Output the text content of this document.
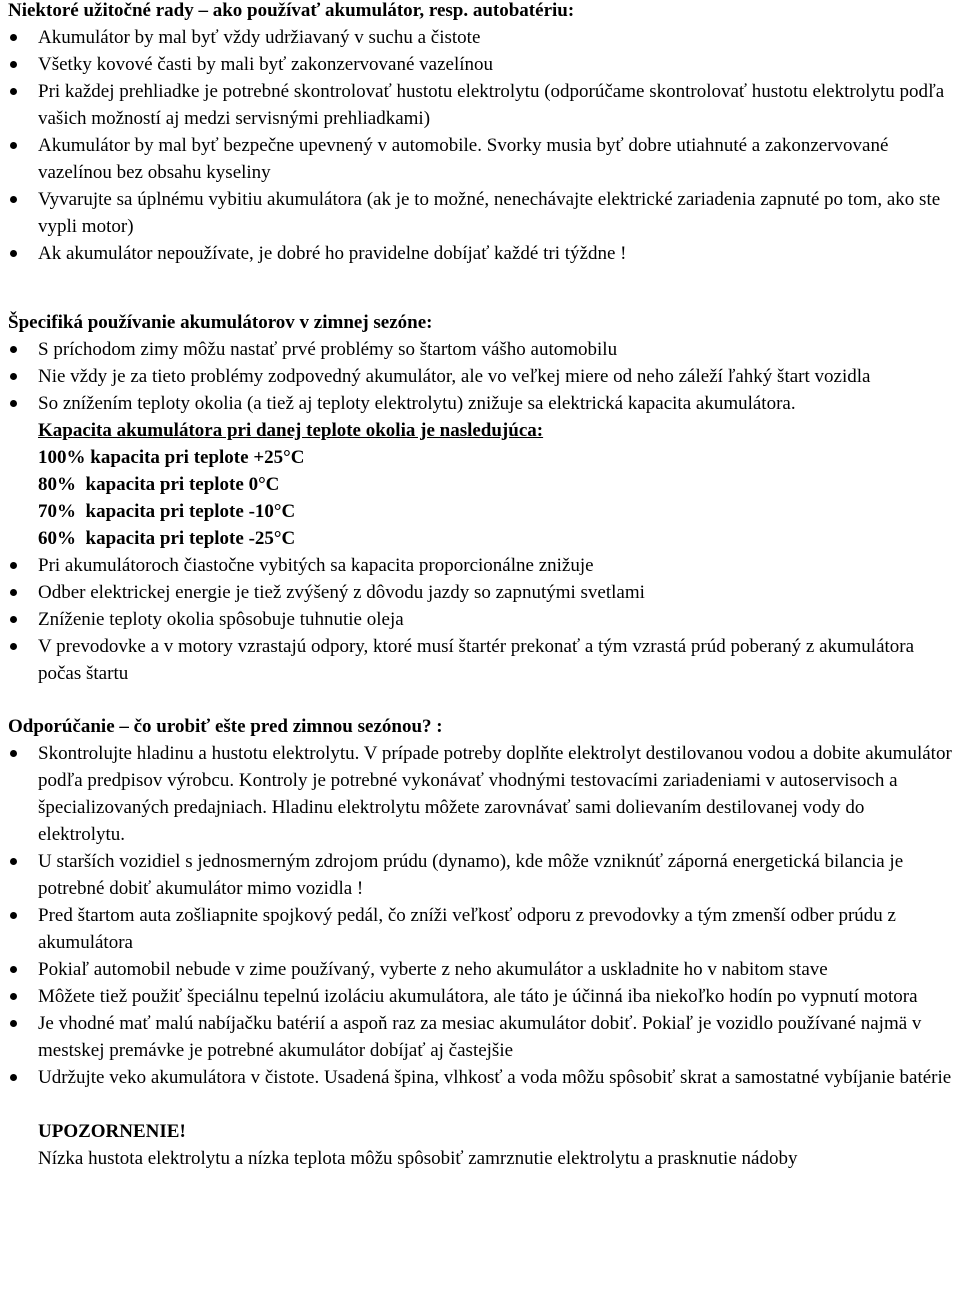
Niektoré užitočné rady – ako používať akumulátor, resp. autobatériu:

Akumulátor by mal byť vždy udržiavaný v suchu a čistote
Všetky kovové časti by mali byť zakonzervované vazelínou
Pri každej prehliadke je potrebné skontrolovať hustotu elektrolytu (odporúčame skontrolovať hustotu elektrolytu podľa vašich možností aj medzi servisnými prehliadkami)
Akumulátor by mal byť bezpečne upevnený v automobile. Svorky musia byť dobre utiahnuté a zakonzervované vazelínou bez obsahu kyseliny
Vyvarujte sa úplnému vybitiu akumulátora (ak je to možné, nenechávajte elektrické zariadenia zapnuté po tom, ako ste vypli motor)
Ak akumulátor nepoužívate, je dobré ho pravidelne dobíjať každé tri týždne !

Špecifiká používanie akumulátorov v zimnej sezóne:

S príchodom zimy môžu nastať prvé problémy so štartom vášho automobilu
Nie vždy je za tieto problémy zodpovedný akumulátor, ale vo veľkej miere od neho záleží ľahký štart vozidla
So znížením teploty okolia (a tiež aj teploty elektrolytu) znižuje sa elektrická kapacita akumulátora.
Kapacita akumulátora pri danej teplote okolia je nasledujúca:
100% kapacita pri teplote +25°C
80%  kapacita pri teplote 0°C
70%  kapacita pri teplote -10°C
60%  kapacita pri teplote -25°C
Pri akumulátoroch čiastočne vybitých sa kapacita proporcionálne znižuje
Odber elektrickej energie je tiež zvýšený z dôvodu jazdy so zapnutými svetlami
Zníženie teploty okolia spôsobuje tuhnutie oleja
V prevodovke a v motory vzrastajú odpory, ktoré musí štartér prekonať a tým vzrastá prúd poberaný z akumulátora počas štartu

Odporúčanie – čo urobiť ešte pred zimnou sezónou? :

Skontrolujte hladinu a hustotu elektrolytu. V prípade potreby doplňte elektrolyt destilovanou vodou a dobite akumulátor podľa predpisov výrobcu. Kontroly je potrebné vykonávať vhodnými testovacími zariadeniami v autoservisoch a špecializovaných predajniach. Hladinu elektrolytu môžete zarovnávať sami dolievaním destilovanej vody do elektrolytu.
U starších vozidiel s jednosmerným zdrojom prúdu (dynamo), kde môže vzniknúť záporná energetická bilancia je potrebné dobiť akumulátor mimo vozidla !
Pred štartom auta zošliapnite spojkový pedál, čo zníži veľkosť odporu z prevodovky a tým zmenší odber prúdu z akumulátora
Pokiaľ automobil nebude v zime používaný, vyberte z neho akumulátor a uskladnite ho v nabitom stave
Môžete tiež použiť špeciálnu tepelnú izoláciu akumulátora, ale táto je účinná iba niekoľko hodín po vypnutí motora
Je vhodné mať malú nabíjačku batérií a aspoň raz za mesiac akumulátor dobiť. Pokiaľ je vozidlo používané najmä v mestskej premávke je potrebné akumulátor dobíjať aj častejšie
Udržujte veko akumulátora v čistote. Usadená špina, vlhkosť a voda môžu spôsobiť skrat a samostatné vybíjanie batérie
UPOZORNENIE!
Nízka hustota elektrolytu a nízka teplota môžu spôsobiť zamrznutie elektrolytu a prasknutie nádoby
